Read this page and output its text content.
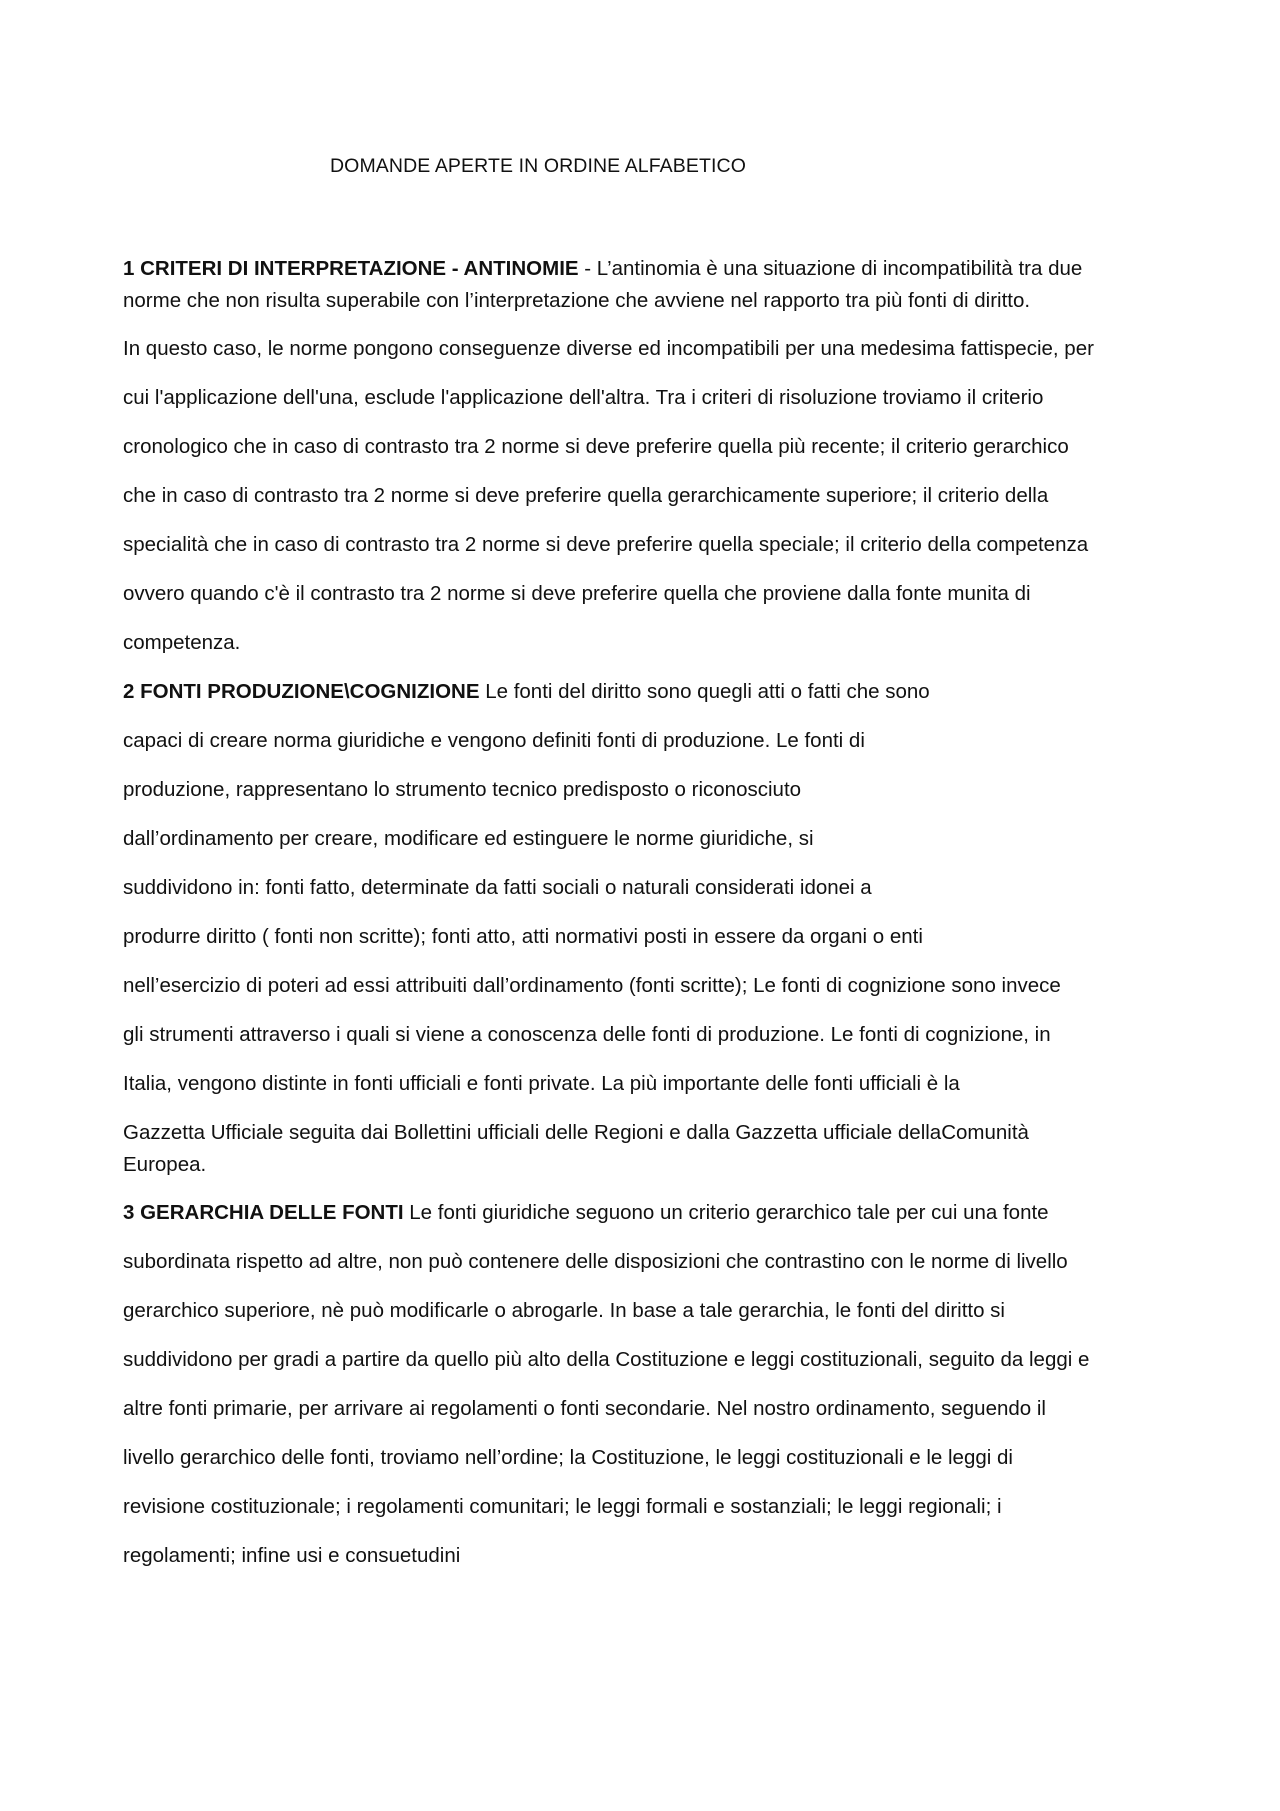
DOMANDE APERTE IN ORDINE ALFABETICO
1 CRITERI DI INTERPRETAZIONE - ANTINOMIE - L’antinomia è una situazione di incompatibilità tra due
norme che non risulta superabile con l’interpretazione che avviene nel rapporto tra più fonti di diritto.
In questo caso, le norme pongono conseguenze diverse ed incompatibili per una medesima fattispecie, per
cui l'applicazione dell'una, esclude l'applicazione dell'altra. Tra i criteri di risoluzione troviamo il criterio
cronologico che in caso di contrasto tra 2 norme si deve preferire quella più recente; il criterio gerarchico
che in caso di contrasto tra 2 norme si deve preferire quella gerarchicamente superiore; il criterio della
specialità che in caso di contrasto tra 2 norme si deve preferire quella speciale; il criterio della competenza
ovvero quando c'è il contrasto tra 2 norme si deve preferire quella che proviene dalla fonte munita di
competenza.
2 FONTI PRODUZIONE\COGNIZIONE Le fonti del diritto sono quegli atti o fatti che sono
capaci di creare norma giuridiche e vengono definiti fonti di produzione. Le fonti di
produzione, rappresentano lo strumento tecnico predisposto o riconosciuto
dall’ordinamento per creare, modificare ed estinguere le norme giuridiche, si
suddividono in: fonti fatto, determinate da fatti sociali o naturali considerati idonei a
produrre diritto ( fonti non scritte); fonti atto, atti normativi posti in essere da organi o enti
nell’esercizio di poteri ad essi attribuiti dall’ordinamento (fonti scritte); Le fonti di cognizione sono invece
gli strumenti attraverso i quali si viene a conoscenza delle fonti di produzione. Le fonti di cognizione, in
Italia, vengono distinte in fonti ufficiali e fonti private. La più importante delle fonti ufficiali è la
Gazzetta Ufficiale seguita dai Bollettini ufficiali delle Regioni e dalla Gazzetta ufficiale dellaComunità
Europea.
3 GERARCHIA DELLE FONTI Le fonti giuridiche seguono un criterio gerarchico tale per cui una fonte
subordinata rispetto ad altre, non può contenere delle disposizioni che contrastino con le norme di livello
gerarchico superiore, nè può modificarle o abrogarle. In base a tale gerarchia, le fonti del diritto si
suddividono per gradi a partire da quello più alto della Costituzione e leggi costituzionali, seguito da leggi e
altre fonti primarie, per arrivare ai regolamenti o fonti secondarie. Nel nostro ordinamento, seguendo il
livello gerarchico delle fonti, troviamo nell’ordine; la Costituzione, le leggi costituzionali e le leggi di
revisione costituzionale; i regolamenti comunitari; le leggi formali e sostanziali; le leggi regionali; i
regolamenti; infine usi e consuetudini
